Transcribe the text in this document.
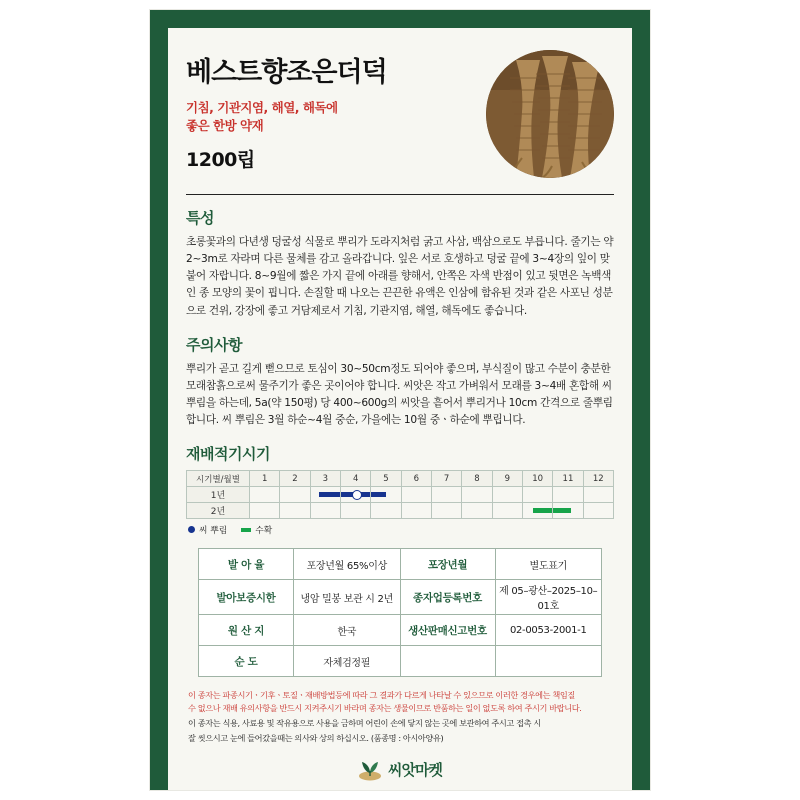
베스트향조은더덕
기침, 기관지염, 해열, 해독에
좋은 한방 약재
1200립
특성

초롱꽃과의 다년생 덩굴성 식물로 뿌리가 도라지처럼 굵고 사삼, 백삼으로도 부릅니다. 줄기는 약 2~3m로 자라며 다른 물체를 감고 올라갑니다. 잎은 서로 호생하고 덩굴 끝에 3~4장의 잎이 맞붙어 자랍니다. 8~9월에 짧은 가지 끝에 아래를 향해서, 안쪽은 자색 반점이 있고 뒷면은 녹백색인 종 모양의 꽃이 핍니다. 손질할 때 나오는 끈끈한 유액은 인삼에 함유된 것과 같은 사포닌 성분으로 건위, 강장에 좋고 거담제로서 기침, 기관지염, 해열, 해독에도 좋습니다.

주의사항

뿌리가 곧고 길게 뻗으므로 토심이 30~50cm정도 되어야 좋으며, 부식질이 많고 수분이 충분한 모래참흙으로써 물주기가 좋은 곳이어야 합니다. 씨앗은 작고 가벼워서 모래를 3~4배 혼합해 씨 뿌림을 하는데, 5a(약 150평) 당 400~600g의 씨앗을 흩어서 뿌리거나 10cm 간격으로 줄뿌림 합니다. 씨 뿌림은 3월 하순~4월 중순, 가을에는 10월 중ㆍ하순에 뿌립니다.

재배적기시기
시기별/월별	1	2	3	4	5	6	7	8	9	10	11	12
1년			

2년										

씨 뿌림	수확
발 아 율	포장년월 65%이상	포장년월	별도표기
발아보증시한	냉암 밀봉 보관 시 2년	종자업등록번호	제 05–광산–2025–10–01호
원 산 지	한국	생산판매신고번호	02-0053-2001-1
순 도	자체검정필		
이 종자는 파종시기ㆍ기후ㆍ토질ㆍ재배방법등에 따라 그 결과가 다르게 나타날 수 있으므로 이러한 경우에는 책임질
수 없으나 재배 유의사항을 반드시 지켜주시기 바라며 종자는 생물이므로 반품하는 일이 없도록 하여 주시기 바랍니다.
이 종자는 식용, 사료용 및 작유용으로 사용을 금하며 어린이 손에 닿지 않는 곳에 보관하여 주시고 접촉 시
잘 씻으시고 눈에 들어갔을때는 의사와 상의 하십시오. (품종명 : 아시아양유)
씨앗마켓
